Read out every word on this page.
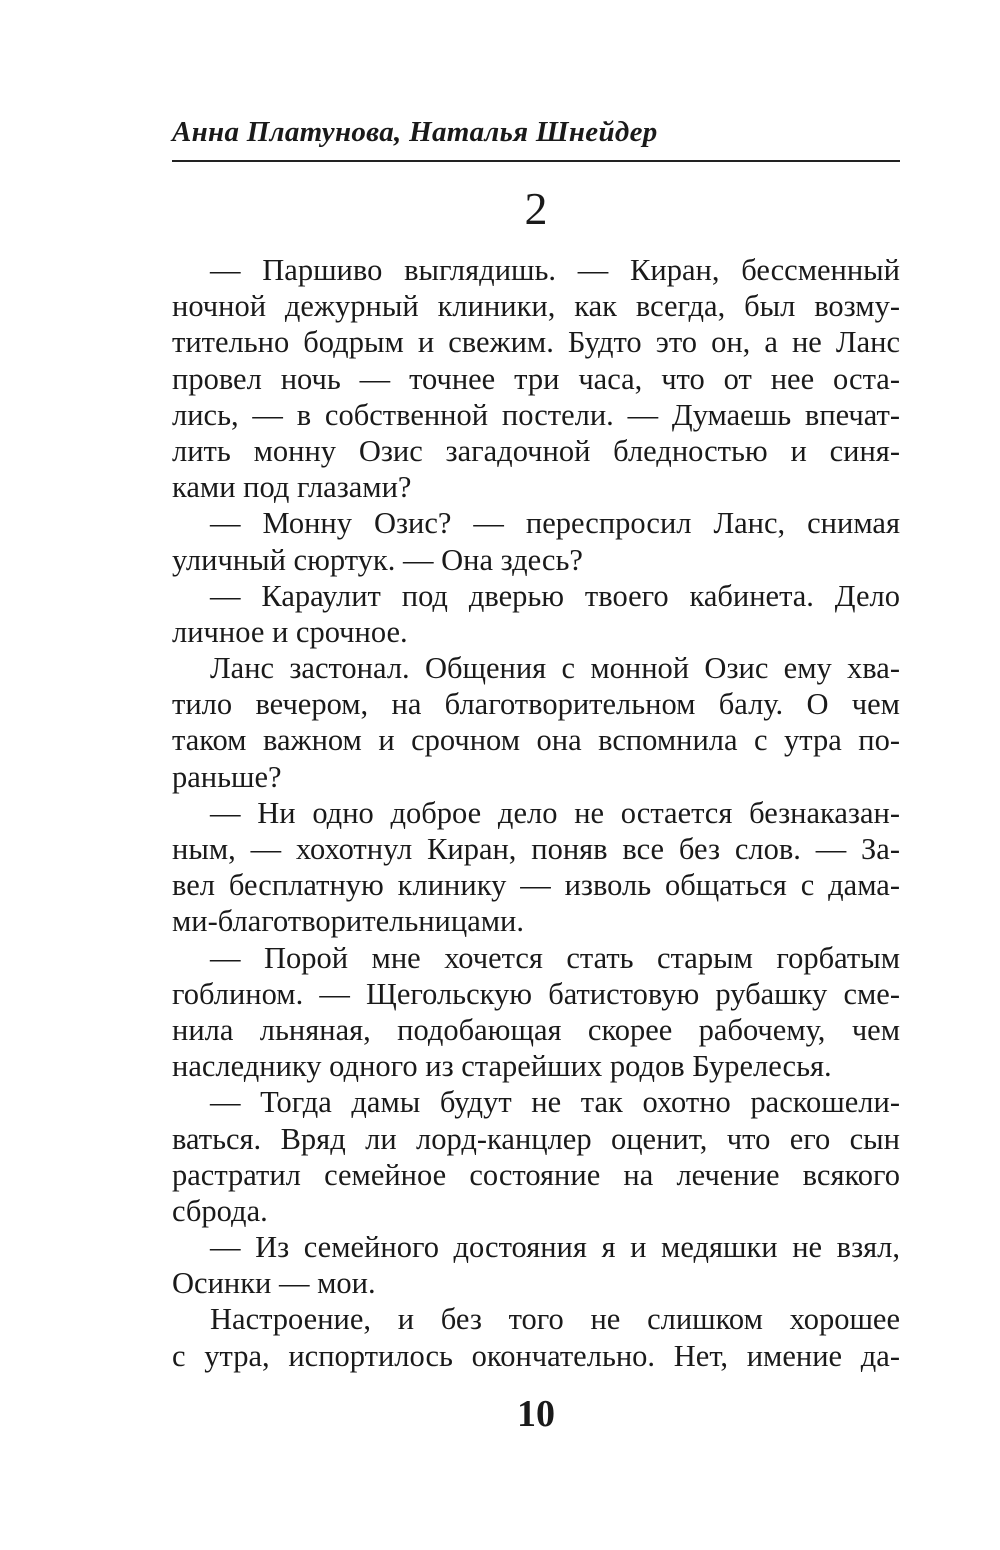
Анна Платунова, Наталья Шнейдер
2
— Паршиво выглядишь. — Киран, бессменный
ночной дежурный клиники, как всегда, был возму-
тительно бодрым и свежим. Будто это он, а не Ланс
провел ночь — точнее три часа, что от нее оста-
лись, — в собственной постели. — Думаешь впечат-
лить монну Озис загадочной бледностью и синя-
ками под глазами?
— Монну Озис? — переспросил Ланс, снимая
уличный сюртук. — Она здесь?
— Караулит под дверью твоего кабинета. Дело
личное и срочное.
Ланс застонал. Общения с монной Озис ему хва-
тило вечером, на благотворительном балу. О чем
таком важном и срочном она вспомнила с утра по-
раньше?
— Ни одно доброе дело не остается безнаказан-
ным, — хохотнул Киран, поняв все без слов. — За-
вел бесплатную клинику — изволь общаться с дама-
ми-благотворительницами.
— Порой мне хочется стать старым горбатым
гоблином. — Щегольскую батистовую рубашку сме-
нила льняная, подобающая скорее рабочему, чем
наследнику одного из старейших родов Бурелесья.
— Тогда дамы будут не так охотно раскошели-
ваться. Вряд ли лорд-канцлер оценит, что его сын
растратил семейное состояние на лечение всякого
сброда.
— Из семейного достояния я и медяшки не взял,
Осинки — мои.
Настроение, и без того не слишком хорошее
с утра, испортилось окончательно. Нет, имение да-
10
